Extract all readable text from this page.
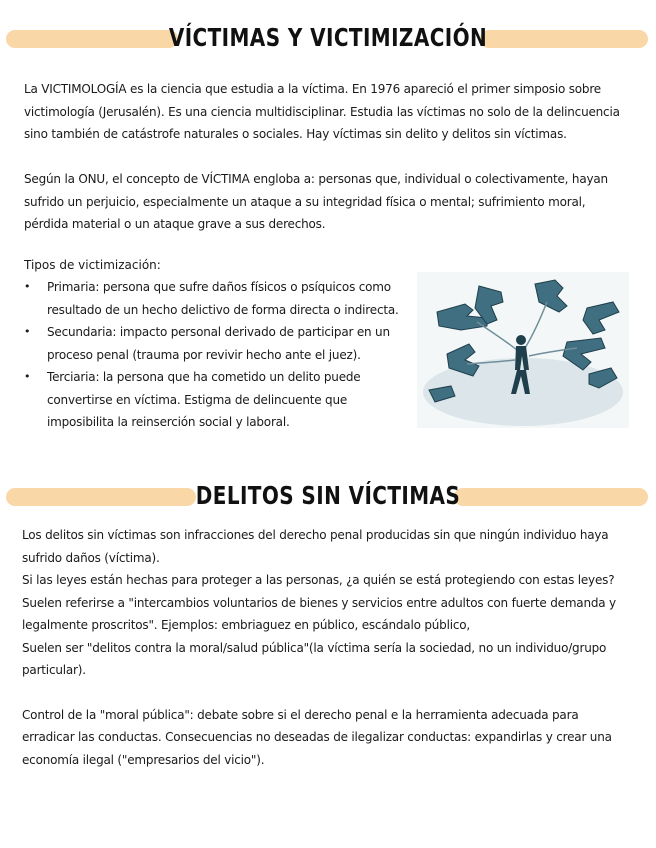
VÍCTIMAS Y VICTIMIZACIÓN
La VICTIMOLOGÍA es la ciencia que estudia a la víctima. En 1976 apareció el primer simposio sobre victimología (Jerusalén). Es una ciencia multidisciplinar. Estudia las víctimas no solo de la delincuencia sino también de catástrofe naturales o sociales. Hay víctimas sin delito y delitos sin víctimas.
Según la ONU, el concepto de VÍCTIMA engloba a: personas que, individual o colectivamente, hayan sufrido un perjuicio, especialmente un ataque a su integridad física o mental; sufrimiento moral, pérdida material o un ataque grave a sus derechos.

Tipos de victimización:

• Primaria: persona que sufre daños físicos o psíquicos como resultado de un hecho delictivo de forma directa o indirecta.
• Secundaria: impacto personal derivado de participar en un proceso penal (trauma por revivir hecho ante el juez).
• Terciaria: la persona que ha cometido un delito puede convertirse en víctima. Estigma de delincuente que imposibilita la reinserción social y laboral.
DELITOS SIN VÍCTIMAS

Los delitos sin víctimas son infracciones del derecho penal producidas sin que ningún individuo haya sufrido daños (víctima).

Si las leyes están hechas para proteger a las personas, ¿a quién se está protegiendo con estas leyes?

Suelen referirse a "intercambios voluntarios de bienes y servicios entre adultos con fuerte demanda y legalmente proscritos". Ejemplos: embriaguez en público, escándalo público,

Suelen ser "delitos contra la moral/salud pública"(la víctima sería la sociedad, no un individuo/grupo particular).

Control de la "moral pública": debate sobre si el derecho penal e la herramienta adecuada para erradicar las conductas. Consecuencias no deseadas de ilegalizar conductas: expandirlas y crear una economía ilegal ("empresarios del vicio").
